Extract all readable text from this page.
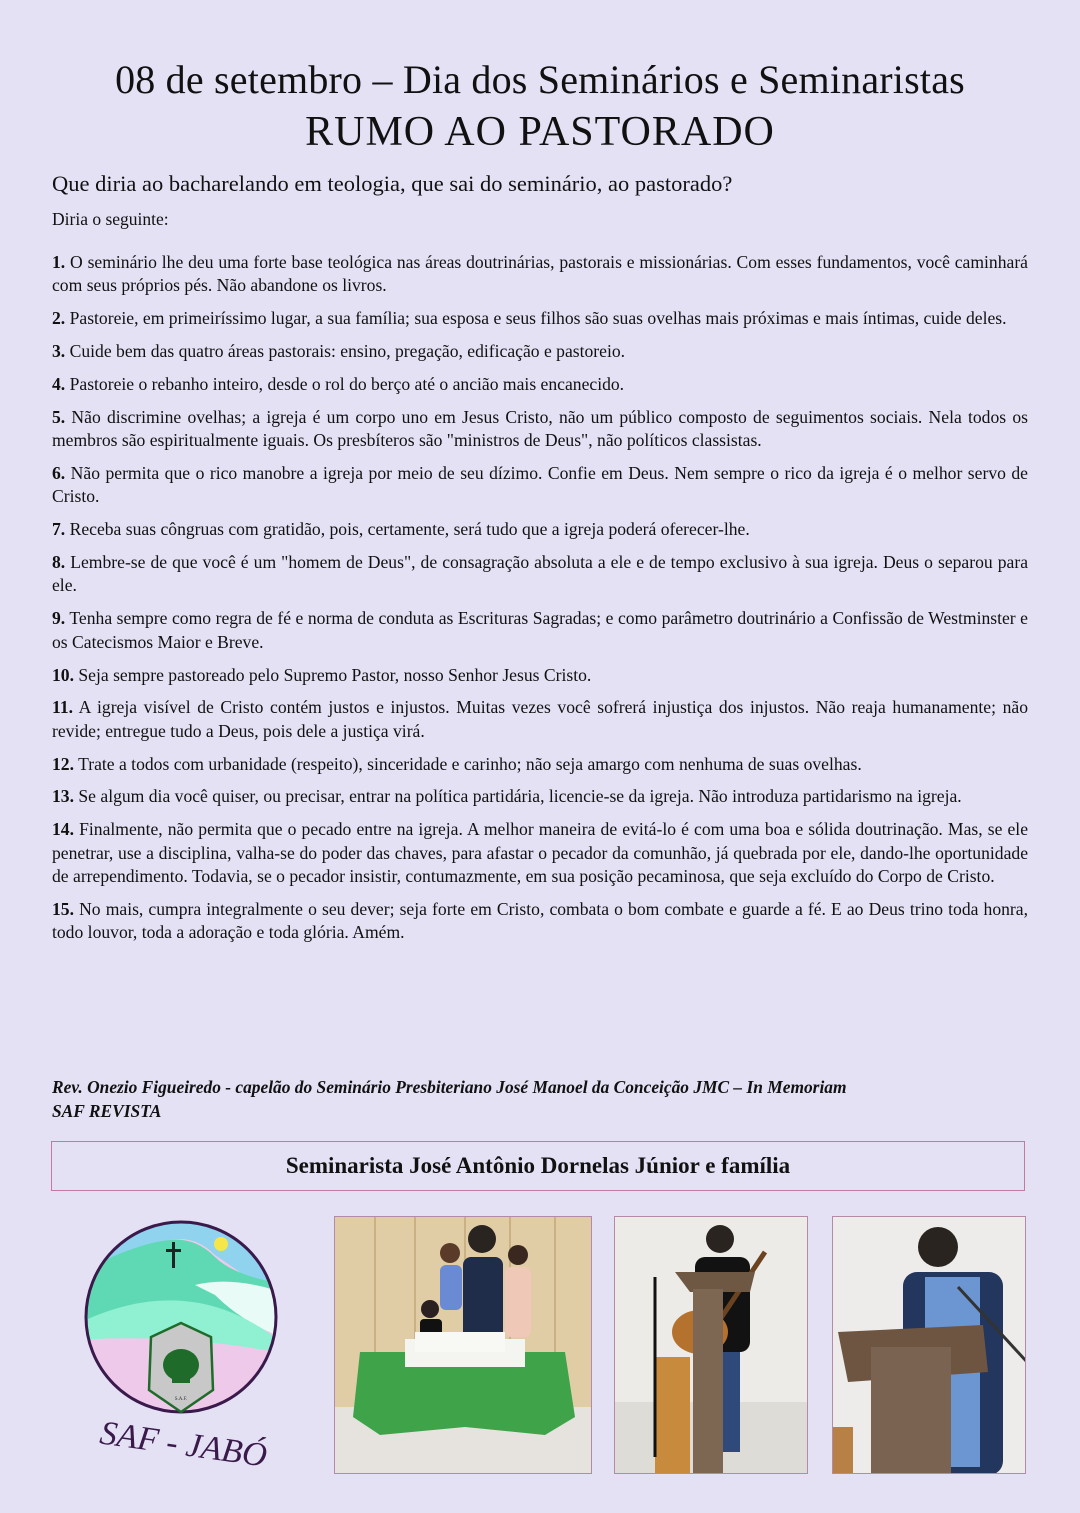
08 de setembro – Dia dos Seminários e Seminaristas
RUMO AO PASTORADO
Que diria ao bacharelando em teologia, que sai do seminário, ao pastorado?
Diria o seguinte:

1. O seminário lhe deu uma forte base teológica nas áreas doutrinárias, pastorais e missionárias. Com esses fundamentos, você caminhará com seus próprios pés. Não abandone os livros.

2. Pastoreie, em primeiríssimo lugar, a sua família; sua esposa e seus filhos são suas ovelhas mais próximas e mais íntimas, cuide deles.

3. Cuide bem das quatro áreas pastorais: ensino, pregação, edificação e pastoreio.

4. Pastoreie o rebanho inteiro, desde o rol do berço até o ancião mais encanecido.

5. Não discrimine ovelhas; a igreja é um corpo uno em Jesus Cristo, não um público composto de seguimentos sociais. Nela todos os membros são espiritualmente iguais. Os presbíteros são "ministros de Deus", não políticos classistas.

6. Não permita que o rico manobre a igreja por meio de seu dízimo. Confie em Deus. Nem sempre o rico da igreja é o melhor servo de Cristo.

7. Receba suas côngruas com gratidão, pois, certamente, será tudo que a igreja poderá oferecer-lhe.

8. Lembre-se de que você é um "homem de Deus", de consagração absoluta a ele e de tempo exclusivo à sua igreja. Deus o separou para ele.

9. Tenha sempre como regra de fé e norma de conduta as Escrituras Sagradas; e como parâmetro doutrinário a Confissão de Westminster e os Catecismos Maior e Breve.

10. Seja sempre pastoreado pelo Supremo Pastor, nosso Senhor Jesus Cristo.

11. A igreja visível de Cristo contém justos e injustos. Muitas vezes você sofrerá injustiça dos injustos. Não reaja humanamente; não revide; entregue tudo a Deus, pois dele a justiça virá.

12. Trate a todos com urbanidade (respeito), sinceridade e carinho; não seja amargo com nenhuma de suas ovelhas.

13. Se algum dia você quiser, ou precisar, entrar na política partidária, licencie-se da igreja. Não introduza partidarismo na igreja.

14. Finalmente, não permita que o pecado entre na igreja. A melhor maneira de evitá-lo é com uma boa e sólida doutrinação. Mas, se ele penetrar, use a disciplina, valha-se do poder das chaves, para afastar o pecador da comunhão, já quebrada por ele, dando-lhe oportunidade de arrependimento. Todavia, se o pecador insistir, contumazmente, em sua posição pecaminosa, que seja excluído do Corpo de Cristo.

15. No mais, cumpra integralmente o seu dever; seja forte em Cristo, combata o bom combate e guarde a fé. E ao Deus trino toda honra, todo louvor, toda a adoração e toda glória. Amém.

Rev. Onezio Figueiredo - capelão do Seminário Presbiteriano José Manoel da Conceição JMC – In Memoriam
SAF REVISTA
Seminarista José Antônio Dornelas Júnior e família
S.A.F.
SAF - JABÓ
